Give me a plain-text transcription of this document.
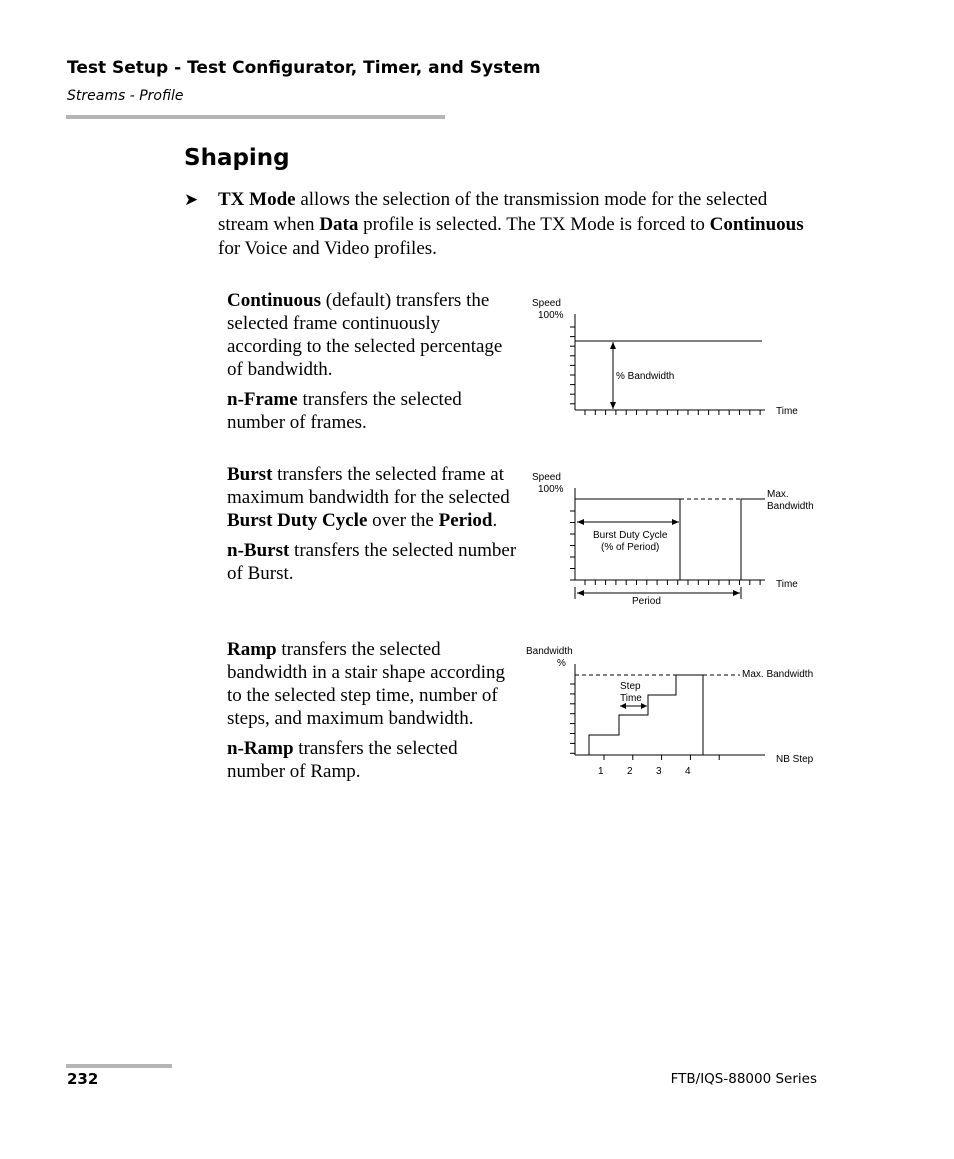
Test Setup - Test Configurator, Timer, and System
Streams - Profile
Shaping
➤ TX Mode allows the selection of the transmission mode for the selected stream when Data profile is selected. The TX Mode is forced to Continuous for Voice and Video profiles.

Continuous (default) transfers the selected frame continuously according to the selected percentage of bandwidth.

n-Frame transfers the selected number of frames.

Burst transfers the selected frame at maximum bandwidth for the selected Burst Duty Cycle over the Period.

n-Burst transfers the selected number of Burst.

Ramp transfers the selected bandwidth in a stair shape according to the selected step time, number of steps, and maximum bandwidth.

n-Ramp transfers the selected number of Ramp.

Speed
100%
% Bandwidth
Time
Speed
100%	Max.
Bandwidth
Burst Duty Cycle
(% of Period)
Time
Period
Bandwidth
%
Max. Bandwidth
Step
Time
NB Step
1 2 3 4
232	FTB/IQS-88000 Series
